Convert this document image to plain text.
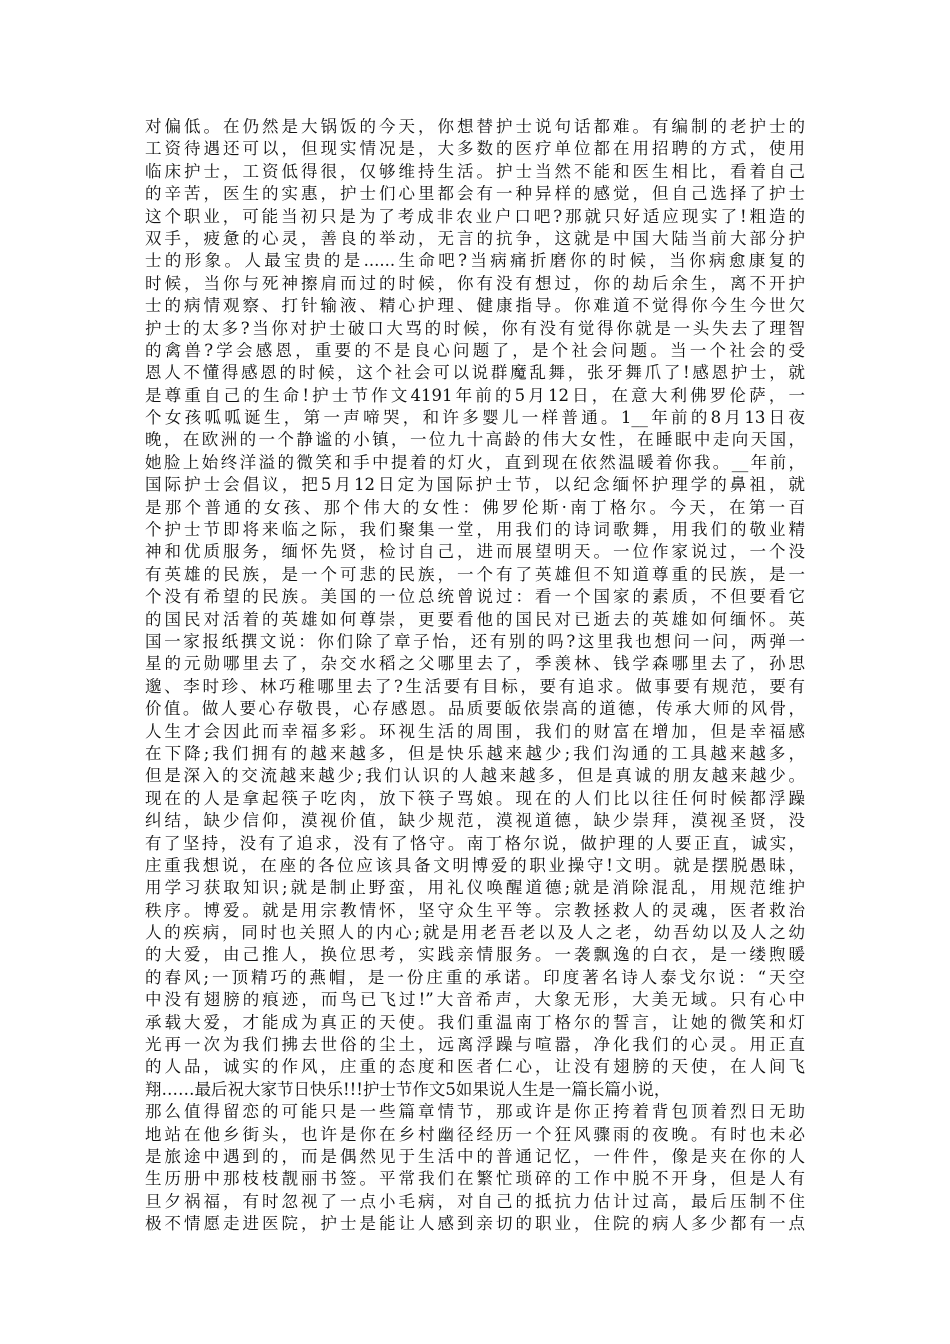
对偏低。在仍然是大锅饭的今天，你想替护士说句话都难。有编制的老护士的
工资待遇还可以，但现实情况是，大多数的医疗单位都在用招聘的方式，使用
临床护士，工资低得很，仅够维持生活。护士当然不能和医生相比，看着自己
的辛苦，医生的实惠，护士们心里都会有一种异样的感觉，但自己选择了护士
这个职业，可能当初只是为了考成非农业户口吧?那就只好适应现实了!粗造的
双手，疲惫的心灵，善良的举动，无言的抗争，这就是中国大陆当前大部分护
士的形象。人最宝贵的是......生命吧?当病痛折磨你的时候，当你病愈康复的
时候，当你与死神擦肩而过的时候，你有没有想过，你的劫后余生，离不开护
士的病情观察、打针输液、精心护理、健康指导。你难道不觉得你今生今世欠
护士的太多?当你对护士破口大骂的时候，你有没有觉得你就是一头失去了理智
的禽兽?学会感恩，重要的不是良心问题了，是个社会问题。当一个社会的受
恩人不懂得感恩的时候，这个社会可以说群魔乱舞，张牙舞爪了!感恩护士，就
是尊重自己的生命!护士节作文4191年前的5月12日，在意大利佛罗伦萨，一
个女孩呱呱诞生，第一声啼哭，和许多婴儿一样普通。1__年前的8月13日夜
晚，在欧洲的一个静谧的小镇，一位九十高龄的伟大女性，在睡眠中走向天国，
她脸上始终洋溢的微笑和手中提着的灯火，直到现在依然温暖着你我。__年前，
国际护士会倡议，把5月12日定为国际护士节，以纪念缅怀护理学的鼻祖，就
是那个普通的女孩、那个伟大的女性：佛罗伦斯·南丁格尔。今天，在第一百
个护士节即将来临之际，我们聚集一堂，用我们的诗词歌舞，用我们的敬业精
神和优质服务，缅怀先贤，检讨自己，进而展望明天。一位作家说过，一个没
有英雄的民族，是一个可悲的民族，一个有了英雄但不知道尊重的民族，是一
个没有希望的民族。美国的一位总统曾说过：看一个国家的素质，不但要看它
的国民对活着的英雄如何尊崇，更要看他的国民对已逝去的英雄如何缅怀。英
国一家报纸撰文说：你们除了章子怡，还有别的吗?这里我也想问一问，两弹一
星的元勋哪里去了，杂交水稻之父哪里去了，季羡林、钱学森哪里去了，孙思
邈、李时珍、林巧稚哪里去了?生活要有目标，要有追求。做事要有规范，要有
价值。做人要心存敬畏，心存感恩。品质要皈依崇高的道德，传承大师的风骨，
人生才会因此而幸福多彩。环视生活的周围，我们的财富在增加，但是幸福感
在下降;我们拥有的越来越多，但是快乐越来越少;我们沟通的工具越来越多，
但是深入的交流越来越少;我们认识的人越来越多，但是真诚的朋友越来越少。
现在的人是拿起筷子吃肉，放下筷子骂娘。现在的人们比以往任何时候都浮躁
纠结，缺少信仰，漠视价值，缺少规范，漠视道德，缺少崇拜，漠视圣贤，没
有了坚持，没有了追求，没有了恪守。南丁格尔说，做护理的人要正直，诚实，
庄重我想说，在座的各位应该具备文明博爱的职业操守!文明。就是摆脱愚昧，
用学习获取知识;就是制止野蛮，用礼仪唤醒道德;就是消除混乱，用规范维护
秩序。博爱。就是用宗教情怀，坚守众生平等。宗教拯救人的灵魂，医者救治
人的疾病，同时也关照人的内心;就是用老吾老以及人之老，幼吾幼以及人之幼
的大爱，由己推人，换位思考，实践亲情服务。一袭飘逸的白衣，是一缕煦暖
的春风;一顶精巧的燕帽，是一份庄重的承诺。印度著名诗人泰戈尔说：“天空
中没有翅膀的痕迹，而鸟已飞过!”大音希声，大象无形，大美无域。只有心中
承载大爱，才能成为真正的天使。我们重温南丁格尔的誓言，让她的微笑和灯
光再一次为我们拂去世俗的尘土，远离浮躁与喧嚣，净化我们的心灵。用正直
的人品，诚实的作风，庄重的态度和医者仁心，让没有翅膀的天使，在人间飞
翔……最后祝大家节日快乐!!!护士节作文5如果说人生是一篇长篇小说，
那么值得留恋的可能只是一些篇章情节，那或许是你正挎着背包顶着烈日无助
地站在他乡街头，也许是你在乡村幽径经历一个狂风骤雨的夜晚。有时也未必
是旅途中遇到的，而是偶然见于生活中的普通记忆，一件件，像是夹在你的人
生历册中那枝枝靓丽书签。平常我们在繁忙琐碎的工作中脱不开身，但是人有
旦夕祸福，有时忽视了一点小毛病，对自己的抵抗力估计过高，最后压制不住
极不情愿走进医院，护士是能让人感到亲切的职业，住院的病人多少都有一点
